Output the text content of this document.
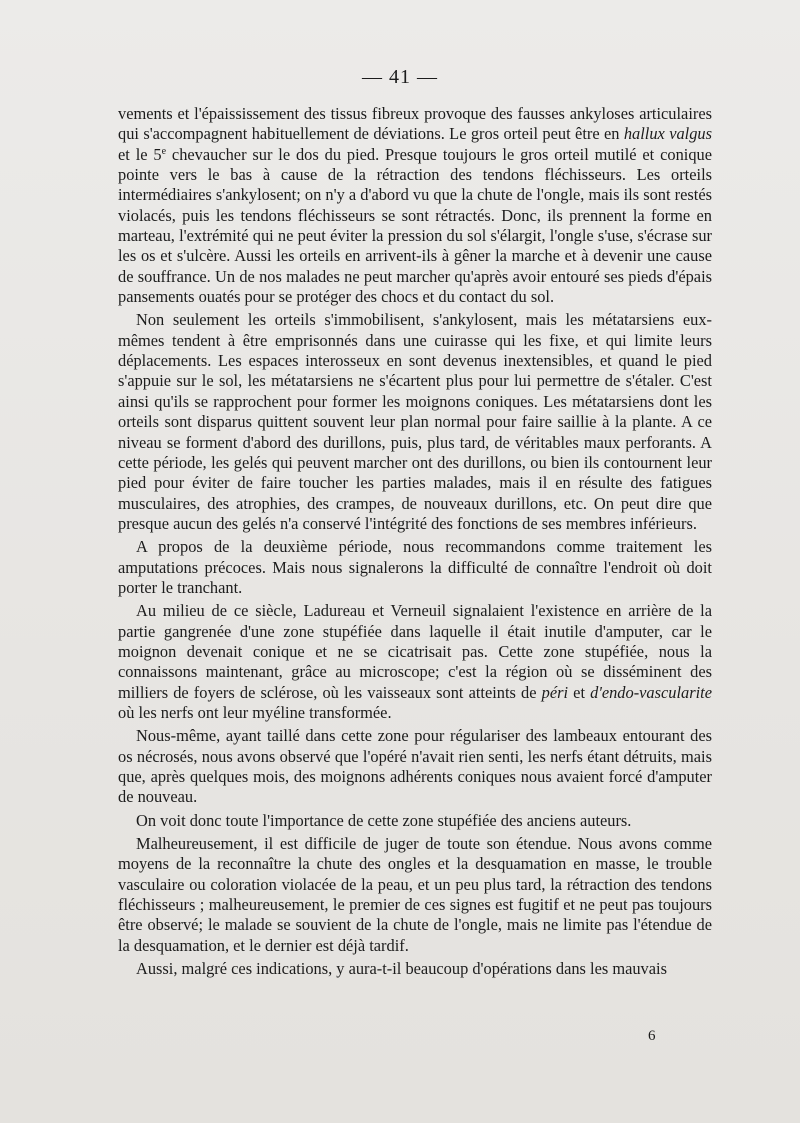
— 41 —

vements et l'épaississement des tissus fibreux provoque des fausses ankyloses articulaires qui s'accompagnent habituellement de déviations. Le gros orteil peut être en hallux valgus et le 5e chevaucher sur le dos du pied. Presque toujours le gros orteil mutilé et conique pointe vers le bas à cause de la rétraction des tendons fléchisseurs. Les orteils intermédiaires s'ankylosent; on n'y a d'abord vu que la chute de l'ongle, mais ils sont restés violacés, puis les tendons fléchisseurs se sont rétractés. Donc, ils prennent la forme en marteau, l'extrémité qui ne peut éviter la pression du sol s'élargit, l'ongle s'use, s'écrase sur les os et s'ulcère. Aussi les orteils en arrivent-ils à gêner la marche et à devenir une cause de souffrance. Un de nos malades ne peut marcher qu'après avoir entouré ses pieds d'épais pansements ouatés pour se protéger des chocs et du contact du sol.

Non seulement les orteils s'immobilisent, s'ankylosent, mais les métatarsiens eux-mêmes tendent à être emprisonnés dans une cuirasse qui les fixe, et qui limite leurs déplacements. Les espaces interosseux en sont devenus inextensibles, et quand le pied s'appuie sur le sol, les métatarsiens ne s'écartent plus pour lui permettre de s'étaler. C'est ainsi qu'ils se rapprochent pour former les moignons coniques. Les métatarsiens dont les orteils sont disparus quittent souvent leur plan normal pour faire saillie à la plante. A ce niveau se forment d'abord des durillons, puis, plus tard, de véritables maux perforants. A cette période, les gelés qui peuvent marcher ont des durillons, ou bien ils contournent leur pied pour éviter de faire toucher les parties malades, mais il en résulte des fatigues musculaires, des atrophies, des crampes, de nouveaux durillons, etc. On peut dire que presque aucun des gelés n'a conservé l'intégrité des fonctions de ses membres inférieurs.

A propos de la deuxième période, nous recommandons comme traitement les amputations précoces. Mais nous signalerons la difficulté de connaître l'endroit où doit porter le tranchant.

Au milieu de ce siècle, Ladureau et Verneuil signalaient l'existence en arrière de la partie gangrenée d'une zone stupéfiée dans laquelle il était inutile d'amputer, car le moignon devenait conique et ne se cicatrisait pas. Cette zone stupéfiée, nous la connaissons maintenant, grâce au microscope; c'est la région où se disséminent des milliers de foyers de sclérose, où les vaisseaux sont atteints de péri et d'endo-vascularite où les nerfs ont leur myéline transformée.

Nous-même, ayant taillé dans cette zone pour régulariser des lambeaux entourant des os nécrosés, nous avons observé que l'opéré n'avait rien senti, les nerfs étant détruits, mais que, après quelques mois, des moignons adhérents coniques nous avaient forcé d'amputer de nouveau.

On voit donc toute l'importance de cette zone stupéfiée des anciens auteurs.

Malheureusement, il est difficile de juger de toute son étendue. Nous avons comme moyens de la reconnaître la chute des ongles et la desquamation en masse, le trouble vasculaire ou coloration violacée de la peau, et un peu plus tard, la rétraction des tendons fléchisseurs ; malheureusement, le premier de ces signes est fugitif et ne peut pas toujours être observé; le malade se souvient de la chute de l'ongle, mais ne limite pas l'étendue de la desquamation, et le dernier est déjà tardif.

Aussi, malgré ces indications, y aura-t-il beaucoup d'opérations dans les mauvais

6
